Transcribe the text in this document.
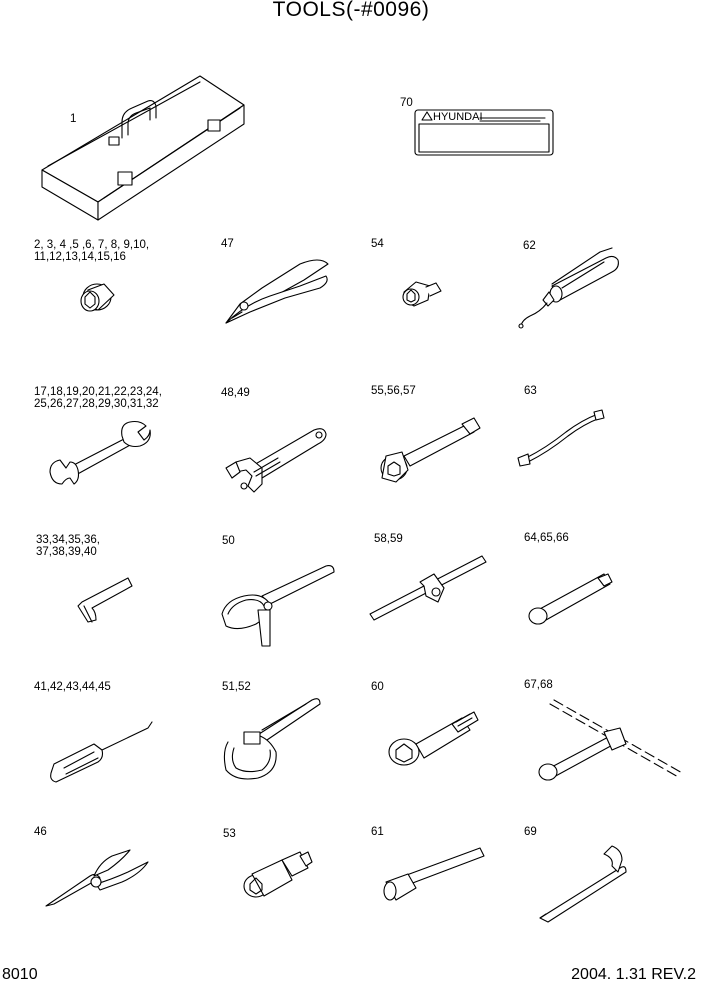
TOOLS(-#0096)
1
70
2, 3, 4 ,5 ,6, 7, 8, 9,10,
11,12,13,14,15,16
47	54	62
17,18,19,20,21,22,23,24,
25,26,27,28,29,30,31,32
48,49	55,56,57	63
33,34,35,36,
37,38,39,40
50	58,59	64,65,66
41,42,43,44,45	51,52	60	67,68
46	53	61	69
HYUNDAI
8010	2004. 1.31 REV.2
